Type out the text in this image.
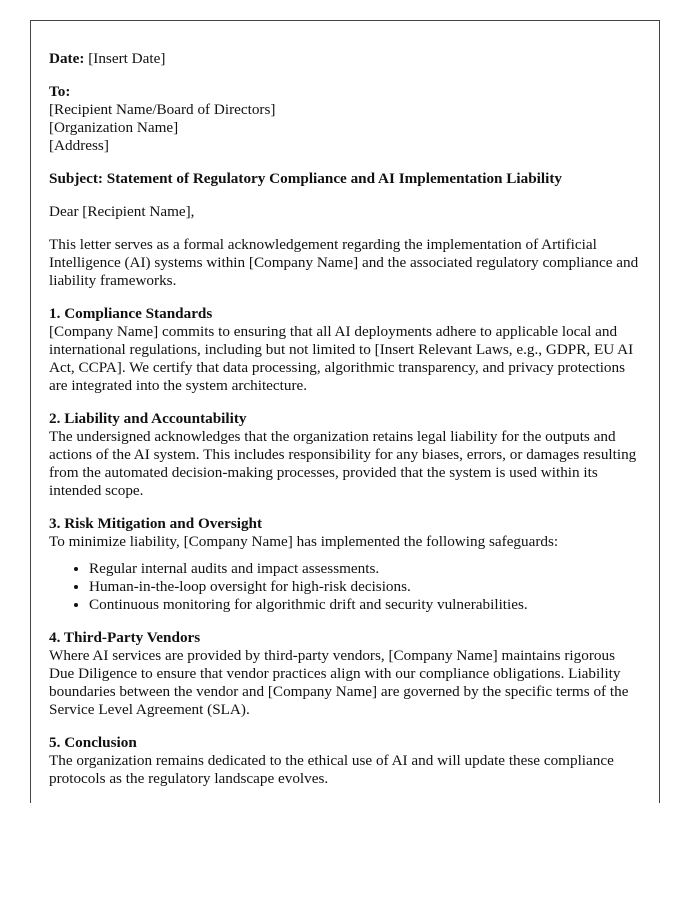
Date: [Insert Date]

To:
[Recipient Name/Board of Directors]
[Organization Name]
[Address]

Subject: Statement of Regulatory Compliance and AI Implementation Liability

Dear [Recipient Name],

This letter serves as a formal acknowledgement regarding the implementation of Artificial Intelligence (AI) systems within [Company Name] and the associated regulatory compliance and liability frameworks.

1. Compliance Standards

[Company Name] commits to ensuring that all AI deployments adhere to applicable local and international regulations, including but not limited to [Insert Relevant Laws, e.g., GDPR, EU AI Act, CCPA]. We certify that data processing, algorithmic transparency, and privacy protections are integrated into the system architecture.

2. Liability and Accountability

The undersigned acknowledges that the organization retains legal liability for the outputs and actions of the AI system. This includes responsibility for any biases, errors, or damages resulting from the automated decision-making processes, provided that the system is used within its intended scope.

3. Risk Mitigation and Oversight

To minimize liability, [Company Name] has implemented the following safeguards:

• Regular internal audits and impact assessments.
• Human-in-the-loop oversight for high-risk decisions.
• Continuous monitoring for algorithmic drift and security vulnerabilities.
4. Third-Party Vendors

Where AI services are provided by third-party vendors, [Company Name] maintains rigorous Due Diligence to ensure that vendor practices align with our compliance obligations. Liability boundaries between the vendor and [Company Name] are governed by the specific terms of the Service Level Agreement (SLA).

5. Conclusion

The organization remains dedicated to the ethical use of AI and will update these compliance protocols as the regulatory landscape evolves.
